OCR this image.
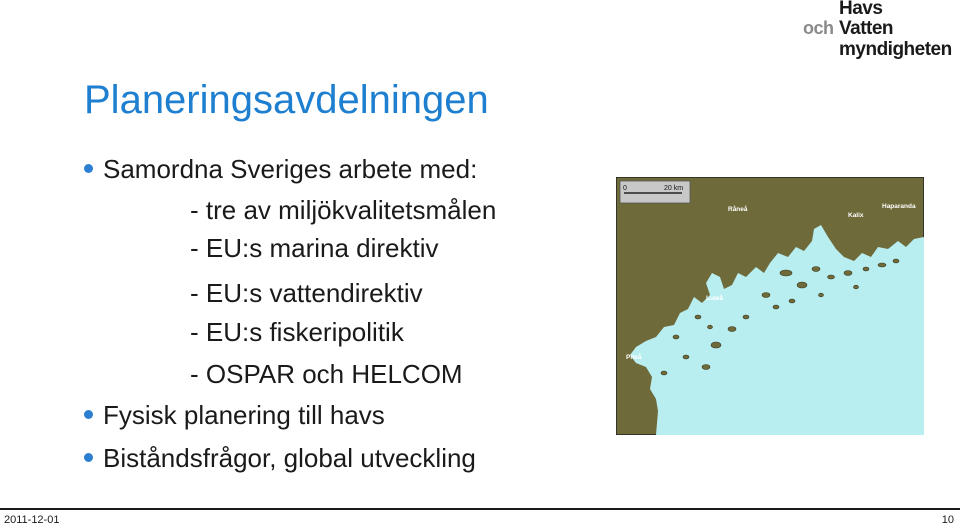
Havs
och Vatten
myndigheten
Planeringsavdelningen
Samordna Sveriges arbete med:
- tre av miljökvalitetsmålen
- EU:s marina direktiv
- EU:s vattendirektiv
- EU:s fiskeripolitik
- OSPAR och HELCOM
Fysisk planering till havs
Biståndsfrågor, global utveckling
0	20 km
Råneå
Kalix
Haparanda
Luleå
Piteå
2011-12-01	10
